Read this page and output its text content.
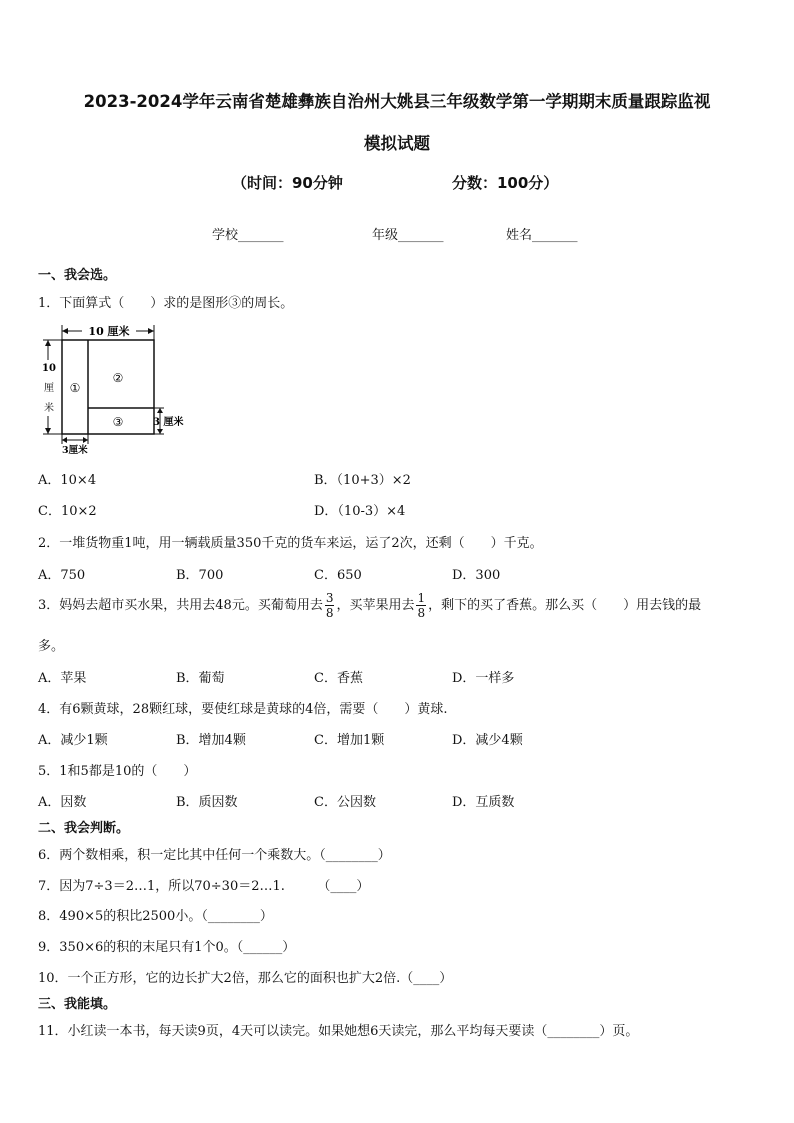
2023-2024学年云南省楚雄彝族自治州大姚县三年级数学第一学期期末质量跟踪监视
模拟试题
（时间：90分钟	分数：100分）
学校_______	年级_______	姓名_______
一、我会选。
1．下面算式（　　）求的是图形③的周长。
10 厘米
10
厘
米
①
②
③	3 厘米
3厘米
A．10×4	B．（10+3）×2
C．10×2	D．（10-3）×4
2．一堆货物重1吨，用一辆载质量350千克的货车来运，运了2次，还剩（　　）千克。
A．750	B．700	C．650	D．300
3．妈妈去超市买水果，共用去48元。买葡萄用去 $\frac{3}{8}$ ，买苹果用去 $\frac{1}{8}$ ，剩下的买了香蕉。那么买（　　）用去钱的最
多。
A．苹果	B．葡萄	C．香蕉	D．一样多
4．有6颗黄球，28颗红球，要使红球是黄球的4倍，需要（　　）黄球.
A．减少1颗	B．增加4颗	C．增加1颗	D．减少4颗
5．1和5都是10的（　　）
A．因数	B．质因数	C．公因数	D．互质数
二、我会判断。
6．两个数相乘，积一定比其中任何一个乘数大。（________）
7．因为7÷3＝2…1，所以70÷30＝2…1.　　　（____）
8．490×5的积比2500小。（________）
9．350×6的积的末尾只有1个0。（______）
10．一个正方形，它的边长扩大2倍，那么它的面积也扩大2倍.（____）
三、我能填。
11．小红读一本书，每天读9页，4天可以读完。如果她想6天读完，那么平均每天要读（________）页。
